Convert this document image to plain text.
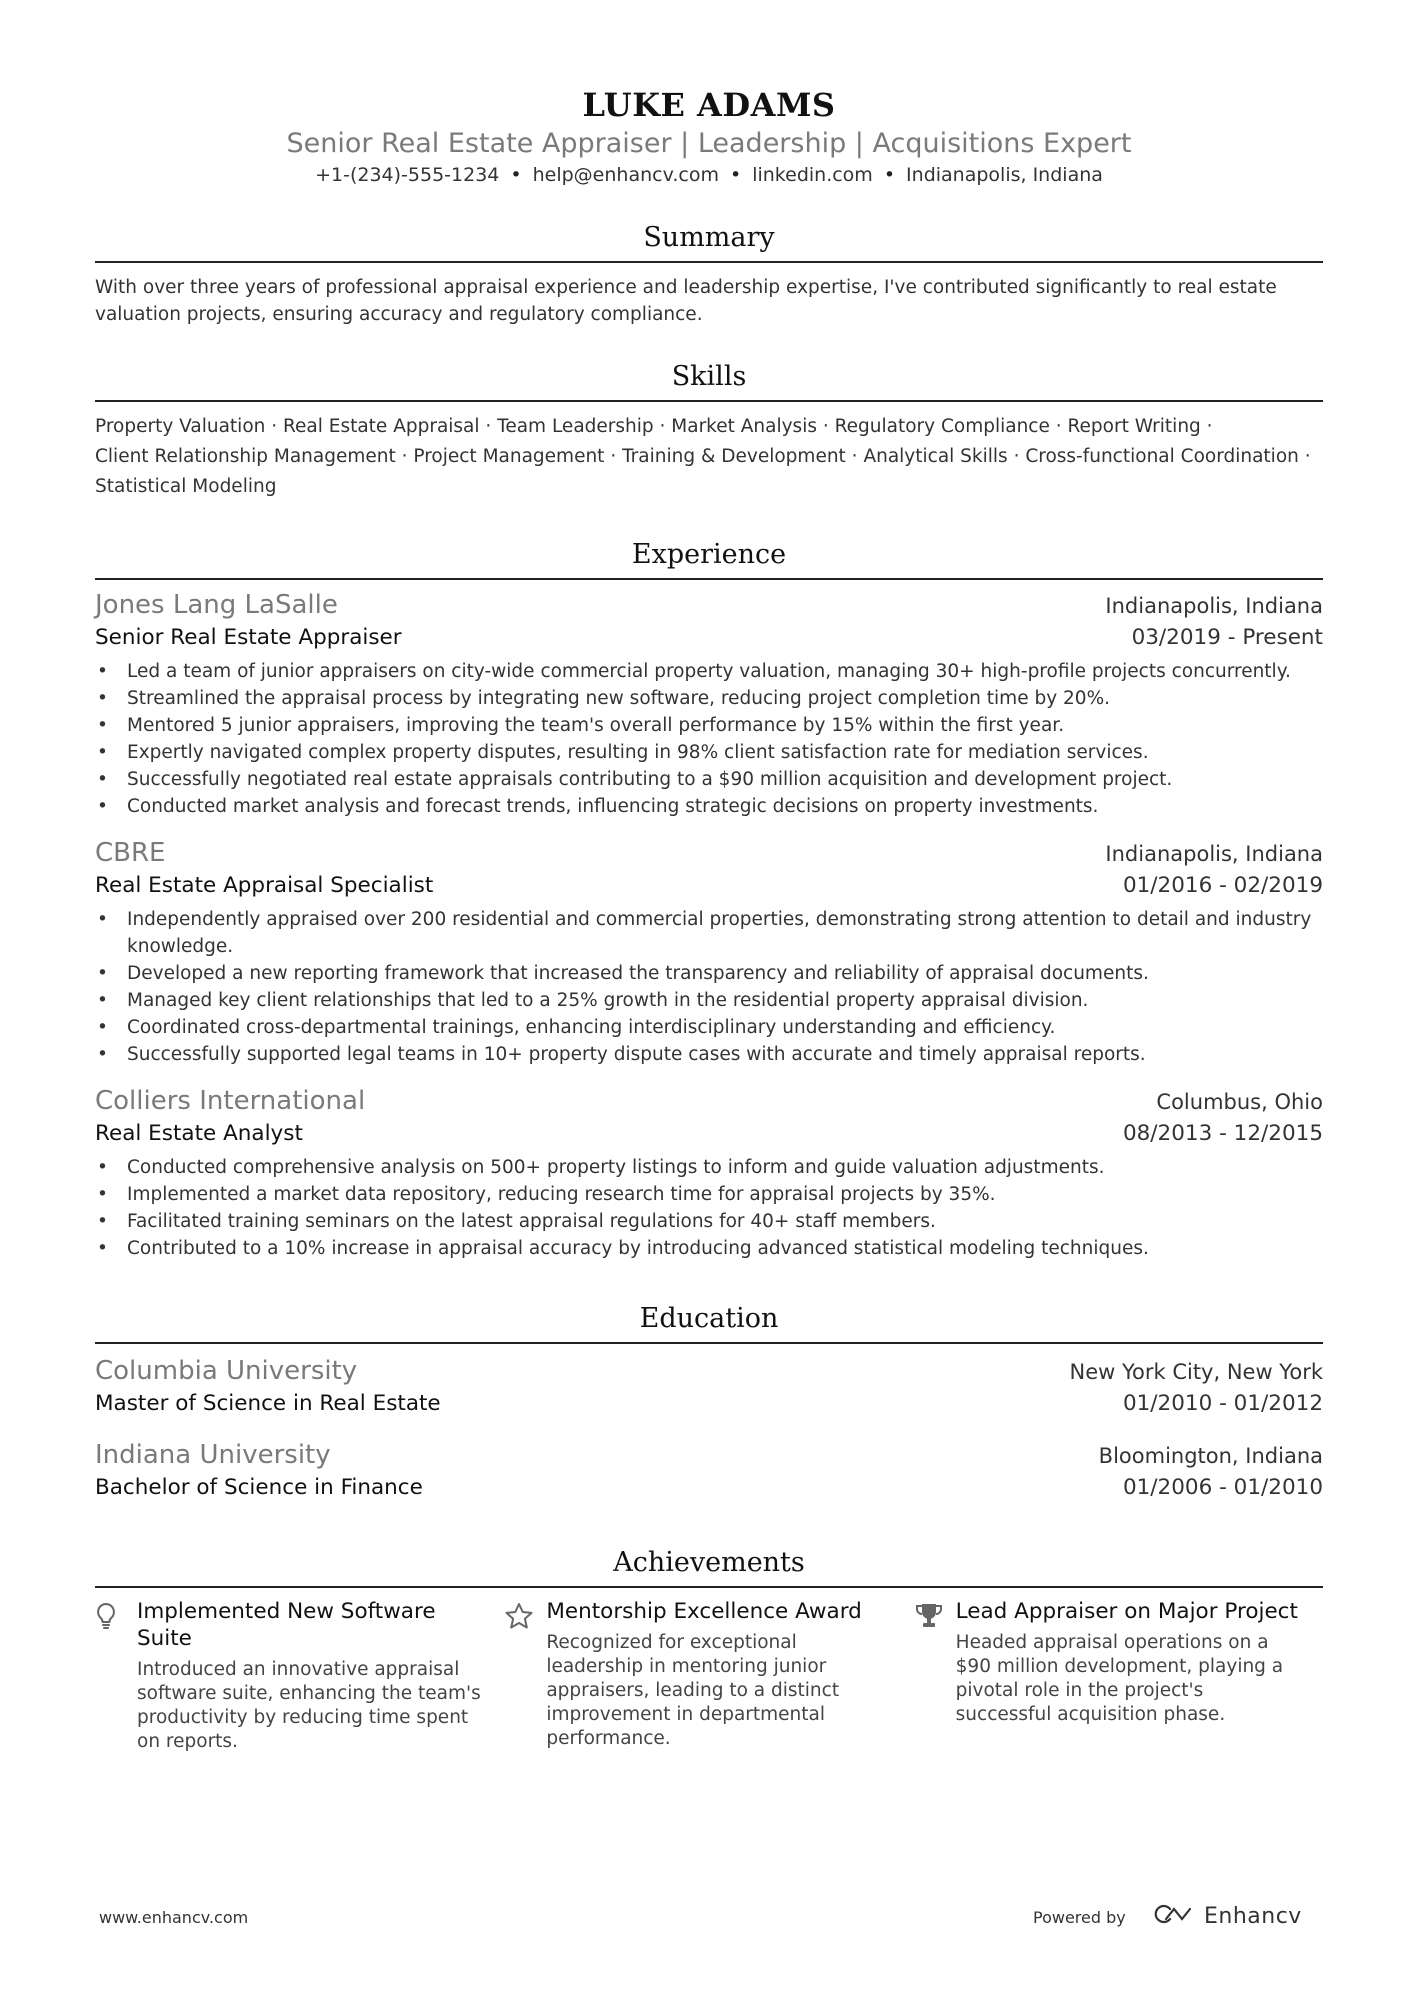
LUKE ADAMS
Senior Real Estate Appraiser | Leadership | Acquisitions Expert
+1-(234)-555-1234 • help@enhancv.com • linkedin.com • Indianapolis, Indiana
Summary
With over three years of professional appraisal experience and leadership expertise, I've contributed significantly to real estate valuation projects, ensuring accuracy and regulatory compliance.
Skills
Property Valuation · Real Estate Appraisal · Team Leadership · Market Analysis · Regulatory Compliance · Report Writing ·
Client Relationship Management · Project Management · Training & Development · Analytical Skills · Cross-functional Coordination ·
Statistical Modeling
Experience
Jones Lang LaSalle	Indianapolis, Indiana
Senior Real Estate Appraiser	03/2019 - Present
• Led a team of junior appraisers on city-wide commercial property valuation, managing 30+ high-profile projects concurrently.
• Streamlined the appraisal process by integrating new software, reducing project completion time by 20%.
• Mentored 5 junior appraisers, improving the team's overall performance by 15% within the first year.
• Expertly navigated complex property disputes, resulting in 98% client satisfaction rate for mediation services.
• Successfully negotiated real estate appraisals contributing to a $90 million acquisition and development project.
• Conducted market analysis and forecast trends, influencing strategic decisions on property investments.
CBRE	Indianapolis, Indiana
Real Estate Appraisal Specialist	01/2016 - 02/2019
• Independently appraised over 200 residential and commercial properties, demonstrating strong attention to detail and industry knowledge.
• Developed a new reporting framework that increased the transparency and reliability of appraisal documents.
• Managed key client relationships that led to a 25% growth in the residential property appraisal division.
• Coordinated cross-departmental trainings, enhancing interdisciplinary understanding and efficiency.
• Successfully supported legal teams in 10+ property dispute cases with accurate and timely appraisal reports.
Colliers International	Columbus, Ohio
Real Estate Analyst	08/2013 - 12/2015
• Conducted comprehensive analysis on 500+ property listings to inform and guide valuation adjustments.
• Implemented a market data repository, reducing research time for appraisal projects by 35%.
• Facilitated training seminars on the latest appraisal regulations for 40+ staff members.
• Contributed to a 10% increase in appraisal accuracy by introducing advanced statistical modeling techniques.
Education
Columbia University	New York City, New York
Master of Science in Real Estate	01/2010 - 01/2012
Indiana University	Bloomington, Indiana
Bachelor of Science in Finance	01/2006 - 01/2010
Achievements
Implemented New Software Suite
Introduced an innovative appraisal software suite, enhancing the team's productivity by reducing time spent on reports.
Mentorship Excellence Award
Recognized for exceptional leadership in mentoring junior appraisers, leading to a distinct improvement in departmental performance.
Lead Appraiser on Major Project
Headed appraisal operations on a $90 million development, playing a pivotal role in the project's successful acquisition phase.
www.enhancv.com	Powered by	Enhancv
